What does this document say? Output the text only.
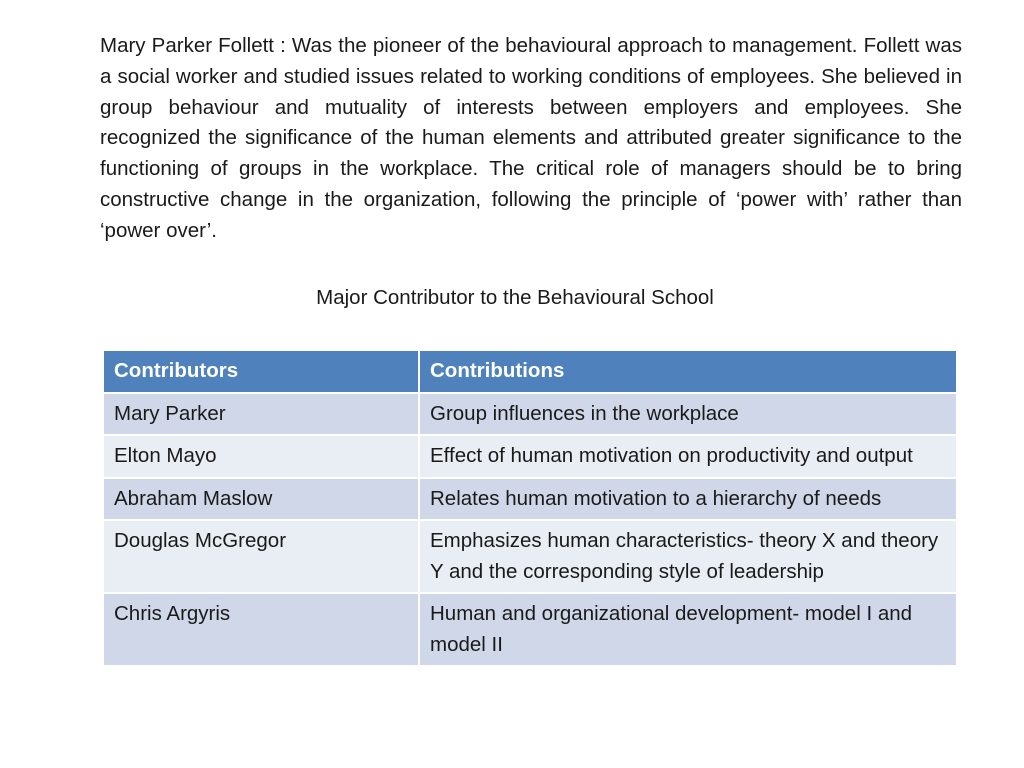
Mary Parker Follett : Was the pioneer of the behavioural approach to management. Follett was a social worker and studied issues related to working conditions of employees. She believed in group behaviour and mutuality of interests between employers and employees. She recognized the significance of the human elements and attributed greater significance to the functioning of groups in the workplace. The critical role of managers should be to bring constructive change in the organization, following the principle of ‘power with’ rather than ‘power over’.

Major Contributor to the Behavioural School

Contributors	Contributions
Mary Parker	Group influences in the workplace
Elton Mayo	Effect of human motivation on productivity and output
Abraham Maslow	Relates human motivation to a hierarchy of needs
Douglas McGregor	Emphasizes human characteristics- theory X and theory Y and the corresponding style of leadership
Chris Argyris	Human and organizational development- model I and model II
